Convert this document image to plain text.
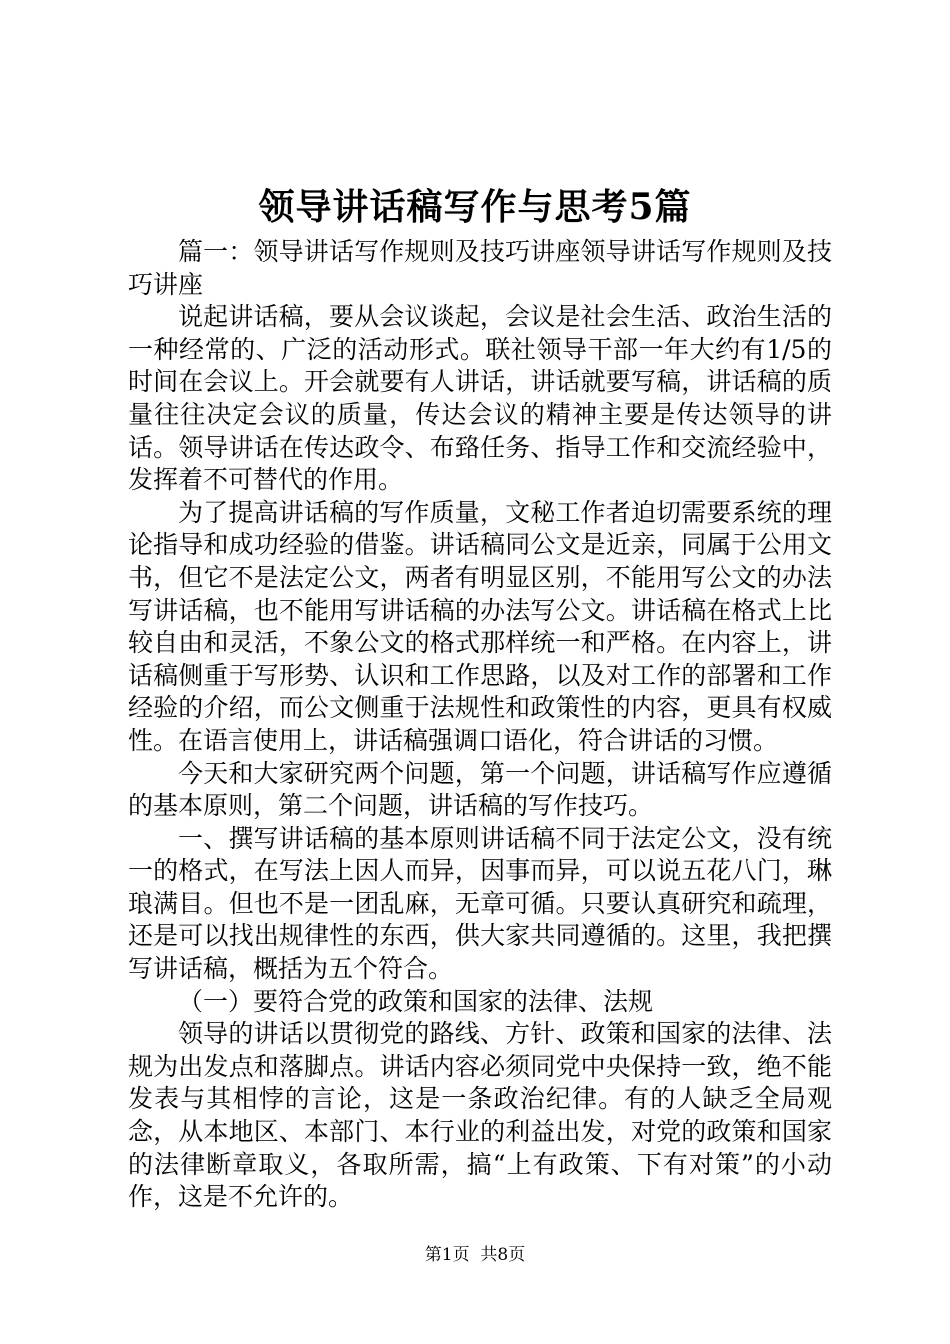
领导讲话稿写作与思考5篇

篇一：领导讲话写作规则及技巧讲座领导讲话写作规则及技巧讲座

说起讲话稿，要从会议谈起，会议是社会生活、政治生活的一种经常的、广泛的活动形式。联社领导干部一年大约有1/5的时间在会议上。开会就要有人讲话，讲话就要写稿，讲话稿的质量往往决定会议的质量，传达会议的精神主要是传达领导的讲话。领导讲话在传达政令、布臵任务、指导工作和交流经验中，发挥着不可替代的作用。

为了提高讲话稿的写作质量，文秘工作者迫切需要系统的理论指导和成功经验的借鉴。讲话稿同公文是近亲，同属于公用文书，但它不是法定公文，两者有明显区别，不能用写公文的办法写讲话稿，也不能用写讲话稿的办法写公文。讲话稿在格式上比较自由和灵活，不象公文的格式那样统一和严格。在内容上，讲话稿侧重于写形势、认识和工作思路，以及对工作的部署和工作经验的介绍，而公文侧重于法规性和政策性的内容，更具有权威性。在语言使用上，讲话稿强调口语化，符合讲话的习惯。

今天和大家研究两个问题，第一个问题，讲话稿写作应遵循的基本原则，第二个问题，讲话稿的写作技巧。

一、撰写讲话稿的基本原则讲话稿不同于法定公文，没有统一的格式，在写法上因人而异，因事而异，可以说五花八门，琳琅满目。但也不是一团乱麻，无章可循。只要认真研究和疏理，还是可以找出规律性的东西，供大家共同遵循的。这里，我把撰写讲话稿，概括为五个符合。

（一）要符合党的政策和国家的法律、法规

领导的讲话以贯彻党的路线、方针、政策和国家的法律、法规为出发点和落脚点。讲话内容必须同党中央保持一致，绝不能发表与其相悖的言论，这是一条政治纪律。有的人缺乏全局观念，从本地区、本部门、本行业的利益出发，对党的政策和国家的法律断章取义，各取所需，搞“上有政策、下有对策”的小动作，这是不允许的。

第1页 共8页
